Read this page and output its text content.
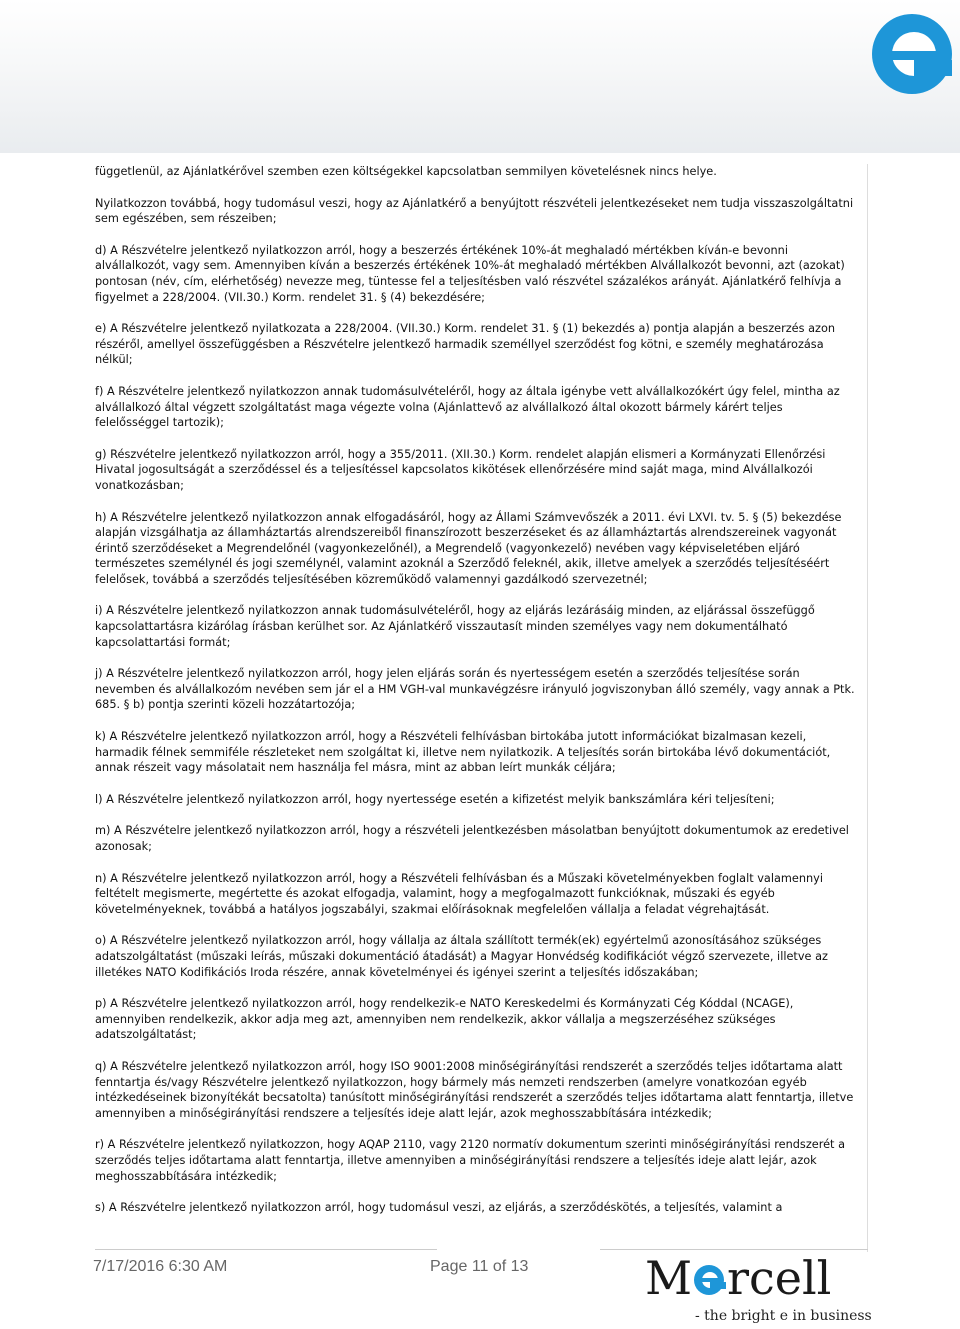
függetlenül, az Ajánlatkérővel szemben ezen költségekkel kapcsolatban semmilyen követelésnek nincs helye.

Nyilatkozzon továbbá, hogy tudomásul veszi, hogy az Ajánlatkérő a benyújtott részvételi jelentkezéseket nem tudja visszaszolgáltatni sem egészében, sem részeiben;

d) A Részvételre jelentkező nyilatkozzon arról, hogy a beszerzés értékének 10%-át meghaladó mértékben kíván-e bevonni alvállalkozót, vagy sem. Amennyiben kíván a beszerzés értékének 10%-át meghaladó mértékben Alvállalkozót bevonni, azt (azokat) pontosan (név, cím, elérhetőség) nevezze meg, tüntesse fel a teljesítésben való részvétel százalékos arányát. Ajánlatkérő felhívja a figyelmet a 228/2004. (VII.30.) Korm. rendelet 31. § (4) bekezdésére;

e) A Részvételre jelentkező nyilatkozata a 228/2004. (VII.30.) Korm. rendelet 31. § (1) bekezdés a) pontja alapján a beszerzés azon részéről, amellyel összefüggésben a Részvételre jelentkező harmadik személlyel szerződést fog kötni, e személy meghatározása nélkül;

f) A Részvételre jelentkező nyilatkozzon annak tudomásulvételéről, hogy az általa igénybe vett alvállalkozókért úgy felel, mintha az alvállalkozó által végzett szolgáltatást maga végezte volna (Ajánlattevő az alvállalkozó által okozott bármely kárért teljes felelősséggel tartozik);

g) Részvételre jelentkező nyilatkozzon arról, hogy a 355/2011. (XII.30.) Korm. rendelet alapján elismeri a Kormányzati Ellenőrzési Hivatal jogosultságát a szerződéssel és a teljesítéssel kapcsolatos kikötések ellenőrzésére mind saját maga, mind Alvállalkozói vonatkozásban;

h) A Részvételre jelentkező nyilatkozzon annak elfogadásáról, hogy az Állami Számvevőszék a 2011. évi LXVI. tv. 5. § (5) bekezdése alapján vizsgálhatja az államháztartás alrendszereiből finanszírozott beszerzéseket és az államháztartás alrendszereinek vagyonát érintő szerződéseket a Megrendelőnél (vagyonkezelőnél), a Megrendelő (vagyonkezelő) nevében vagy képviseletében eljáró természetes személynél és jogi személynél, valamint azoknál a Szerződő feleknél, akik, illetve amelyek a szerződés teljesítéséért felelősek, továbbá a szerződés teljesítésében közreműködő valamennyi gazdálkodó szervezetnél;

i) A Részvételre jelentkező nyilatkozzon annak tudomásulvételéről, hogy az eljárás lezárásáig minden, az eljárással összefüggő kapcsolattartásra kizárólag írásban kerülhet sor. Az Ajánlatkérő visszautasít minden személyes vagy nem dokumentálható kapcsolattartási formát;

j) A Részvételre jelentkező nyilatkozzon arról, hogy jelen eljárás során és nyertességem esetén a szerződés teljesítése során nevemben és alvállalkozóm nevében sem jár el a HM VGH-val munkavégzésre irányuló jogviszonyban álló személy, vagy annak a Ptk. 685. § b) pontja szerinti közeli hozzátartozója;

k) A Részvételre jelentkező nyilatkozzon arról, hogy a Részvételi felhívásban birtokába jutott információkat bizalmasan kezeli, harmadik félnek semmiféle részleteket nem szolgáltat ki, illetve nem nyilatkozik. A teljesítés során birtokába lévő dokumentációt, annak részeit vagy másolatait nem használja fel másra, mint az abban leírt munkák céljára;

l) A Részvételre jelentkező nyilatkozzon arról, hogy nyertessége esetén a kifizetést melyik bankszámlára kéri teljesíteni;

m) A Részvételre jelentkező nyilatkozzon arról, hogy a részvételi jelentkezésben másolatban benyújtott dokumentumok az eredetivel azonosak;

n) A Részvételre jelentkező nyilatkozzon arról, hogy a Részvételi felhívásban és a Műszaki követelményekben foglalt valamennyi feltételt megismerte, megértette és azokat elfogadja, valamint, hogy a megfogalmazott funkcióknak, műszaki és egyéb követelményeknek, továbbá a hatályos jogszabályi, szakmai előírásoknak megfelelően vállalja a feladat végrehajtását.

o) A Részvételre jelentkező nyilatkozzon arról, hogy vállalja az általa szállított termék(ek) egyértelmű azonosításához szükséges adatszolgáltatást (műszaki leírás, műszaki dokumentáció átadását) a Magyar Honvédség kodifikációt végző szervezete, illetve az illetékes NATO Kodifikációs Iroda részére, annak követelményei és igényei szerint a teljesítés időszakában;

p) A Részvételre jelentkező nyilatkozzon arról, hogy rendelkezik-e NATO Kereskedelmi és Kormányzati Cég Kóddal (NCAGE), amennyiben rendelkezik, akkor adja meg azt, amennyiben nem rendelkezik, akkor vállalja a megszerzéséhez szükséges adatszolgáltatást;

q) A Részvételre jelentkező nyilatkozzon arról, hogy ISO 9001:2008 minőségirányítási rendszerét a szerződés teljes időtartama alatt fenntartja és/vagy Részvételre jelentkező nyilatkozzon, hogy bármely más nemzeti rendszerben (amelyre vonatkozóan egyéb intézkedéseinek bizonyítékát becsatolta) tanúsított minőségirányítási rendszerét a szerződés teljes időtartama alatt fenntartja, illetve amennyiben a minőségirányítási rendszere a teljesítés ideje alatt lejár, azok meghosszabbítására intézkedik;

r) A Részvételre jelentkező nyilatkozzon, hogy AQAP 2110, vagy 2120 normatív dokumentum szerinti minőségirányítási rendszerét a szerződés teljes időtartama alatt fenntartja, illetve amennyiben a minőségirányítási rendszere a teljesítés ideje alatt lejár, azok meghosszabbítására intézkedik;

s) A Részvételre jelentkező nyilatkozzon arról, hogy tudomásul veszi, az eljárás, a szerződéskötés, a teljesítés, valamint a

7/17/2016 6:30 AM	Page 11 of 13	M rcell
- the bright e in business
